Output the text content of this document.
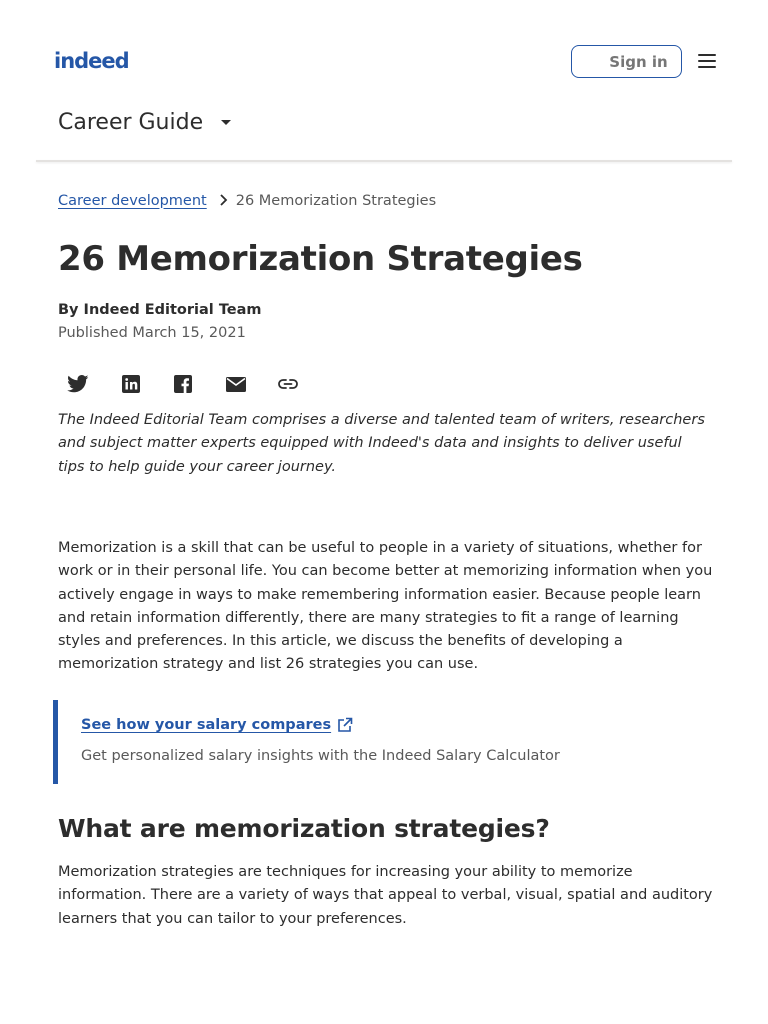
indeed	Sign in
Career Guide
Career development 26 Memorization Strategies
26 Memorization Strategies
By Indeed Editorial Team
Published March 15, 2021

The Indeed Editorial Team comprises a diverse and talented team of writers, researchers and subject matter experts equipped with Indeed's data and insights to deliver useful tips to help guide your career journey.

Memorization is a skill that can be useful to people in a variety of situations, whether for work or in their personal life. You can become better at memorizing information when you actively engage in ways to make remembering information easier. Because people learn and retain information differently, there are many strategies to fit a range of learning styles and preferences. In this article, we discuss the benefits of developing a memorization strategy and list 26 strategies you can use.

See how your salary compares
Get personalized salary insights with the Indeed Salary Calculator
What are memorization strategies?

Memorization strategies are techniques for increasing your ability to memorize information. There are a variety of ways that appeal to verbal, visual, spatial and auditory learners that you can tailor to your preferences.
